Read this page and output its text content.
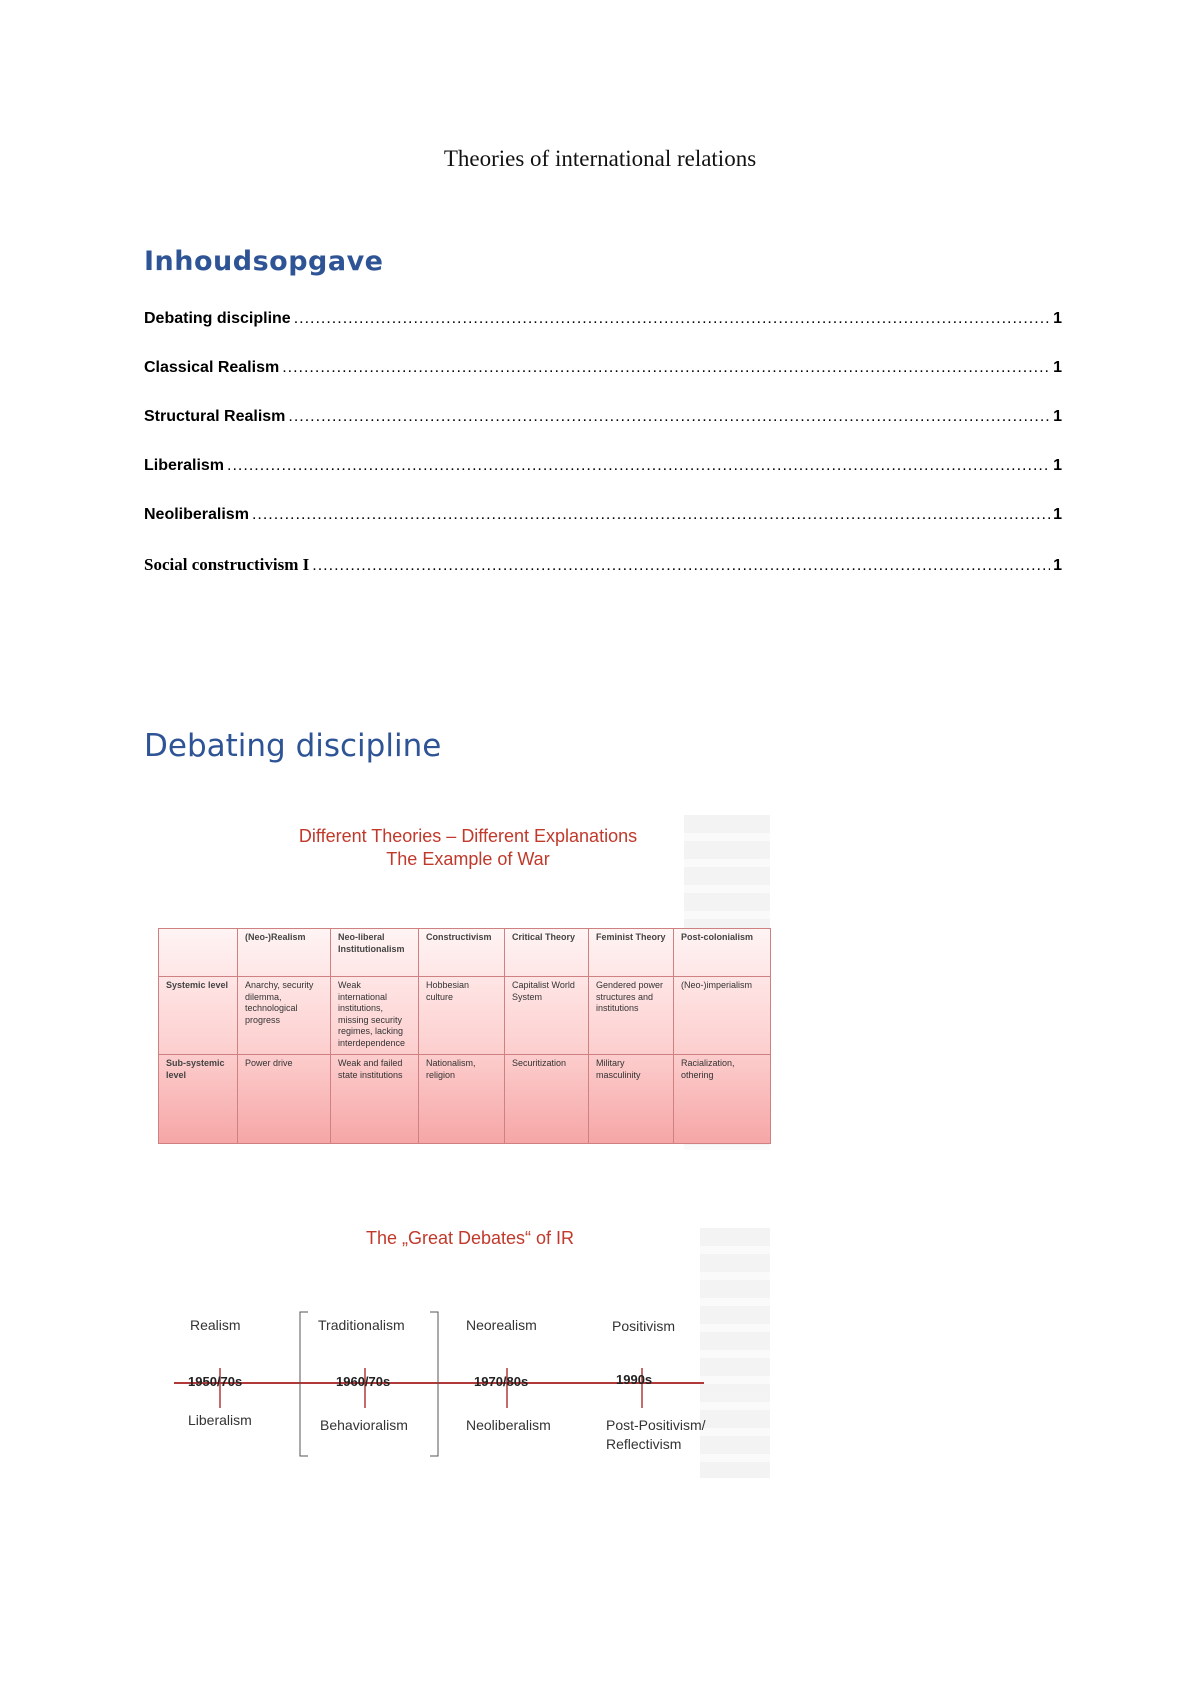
Theories of international relations
Inhoudsopgave
Debating discipline .....	1
Classical Realism .....	1
Structural Realism .....	1
Liberalism .....	1
Neoliberalism .....	1
Social constructivism I .....	1
Debating discipline
Different Theories – Different Explanations
The Example of War
	(Neo-)Realism	Neo-liberal Institutionalism	Constructivism	Critical Theory	Feminist Theory	Post-colonialism
Systemic level	Anarchy, security dilemma, technological progress	Weak international institutions, missing security regimes, lacking interdependence	Hobbesian culture	Capitalist World System	Gendered power structures and institutions	(Neo-)imperialism
Sub-systemic level	Power drive	Weak and failed state institutions	Nationalism, religion	Securitization	Military masculinity	Racialization, othering
The „Great Debates“ of IR
Realism
1950/70s
Liberalism
Traditionalism
1960/70s
Behavioralism
Neorealism
1970/80s
Neoliberalism
Positivism
1990s
Post-Positivism/
Reflectivism
